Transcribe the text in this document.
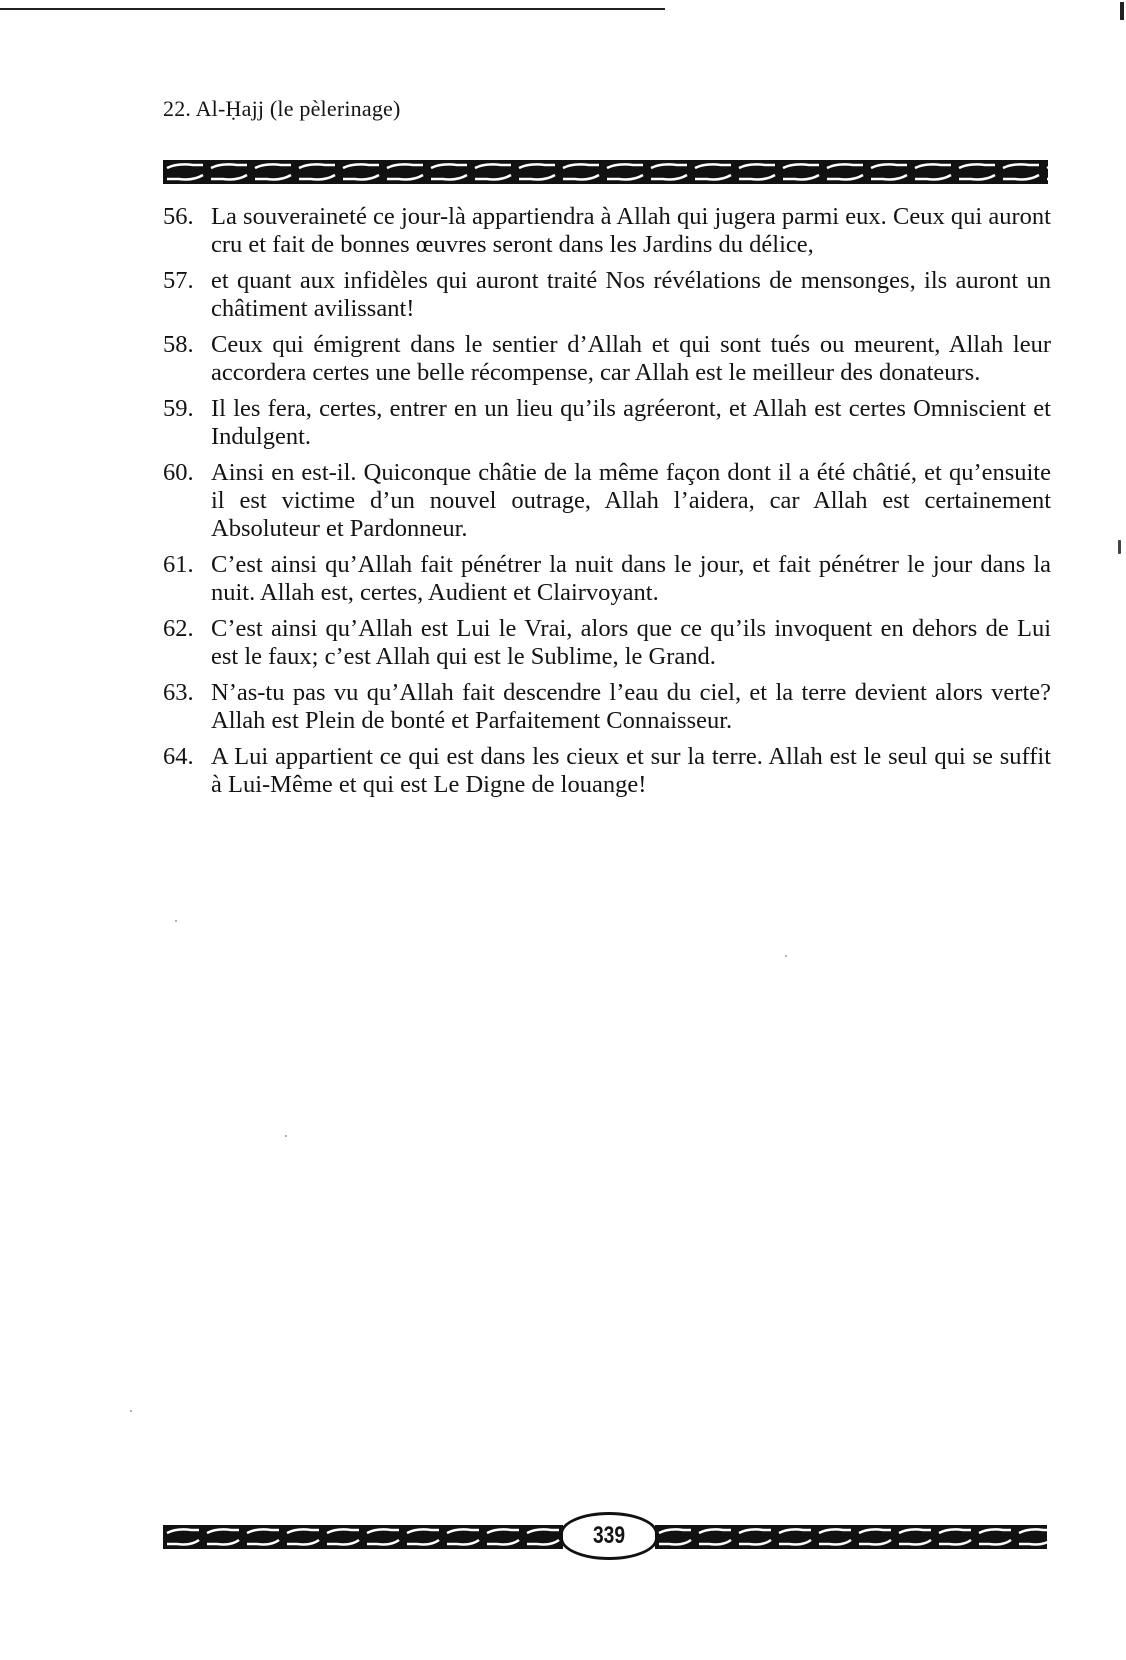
22. Al-Ḥajj (le pèlerinage)
56. La souveraineté ce jour-là appartiendra à Allah qui jugera parmi eux. Ceux qui auront cru et fait de bonnes œuvres seront dans les Jardins du délice,
57. et quant aux infidèles qui auront traité Nos révélations de mensonges, ils auront un châtiment avilissant!
58. Ceux qui émigrent dans le sentier d’Allah et qui sont tués ou meurent, Allah leur accordera certes une belle récompense, car Allah est le meilleur des donateurs.
59. Il les fera, certes, entrer en un lieu qu’ils agréeront, et Allah est certes Omniscient et Indulgent.
60. Ainsi en est-il. Quiconque châtie de la même façon dont il a été châtié, et qu’ensuite il est victime d’un nouvel outrage, Allah l’aidera, car Allah est certainement Absoluteur et Pardonneur.
61. C’est ainsi qu’Allah fait pénétrer la nuit dans le jour, et fait pénétrer le jour dans la nuit. Allah est, certes, Audient et Clairvoyant.
62. C’est ainsi qu’Allah est Lui le Vrai, alors que ce qu’ils invoquent en dehors de Lui est le faux; c’est Allah qui est le Sublime, le Grand.
63. N’as-tu pas vu qu’Allah fait descendre l’eau du ciel, et la terre devient alors verte? Allah est Plein de bonté et Parfaitement Connaisseur.
64. A Lui appartient ce qui est dans les cieux et sur la terre. Allah est le seul qui se suffit à Lui-Même et qui est Le Digne de louange!
339
